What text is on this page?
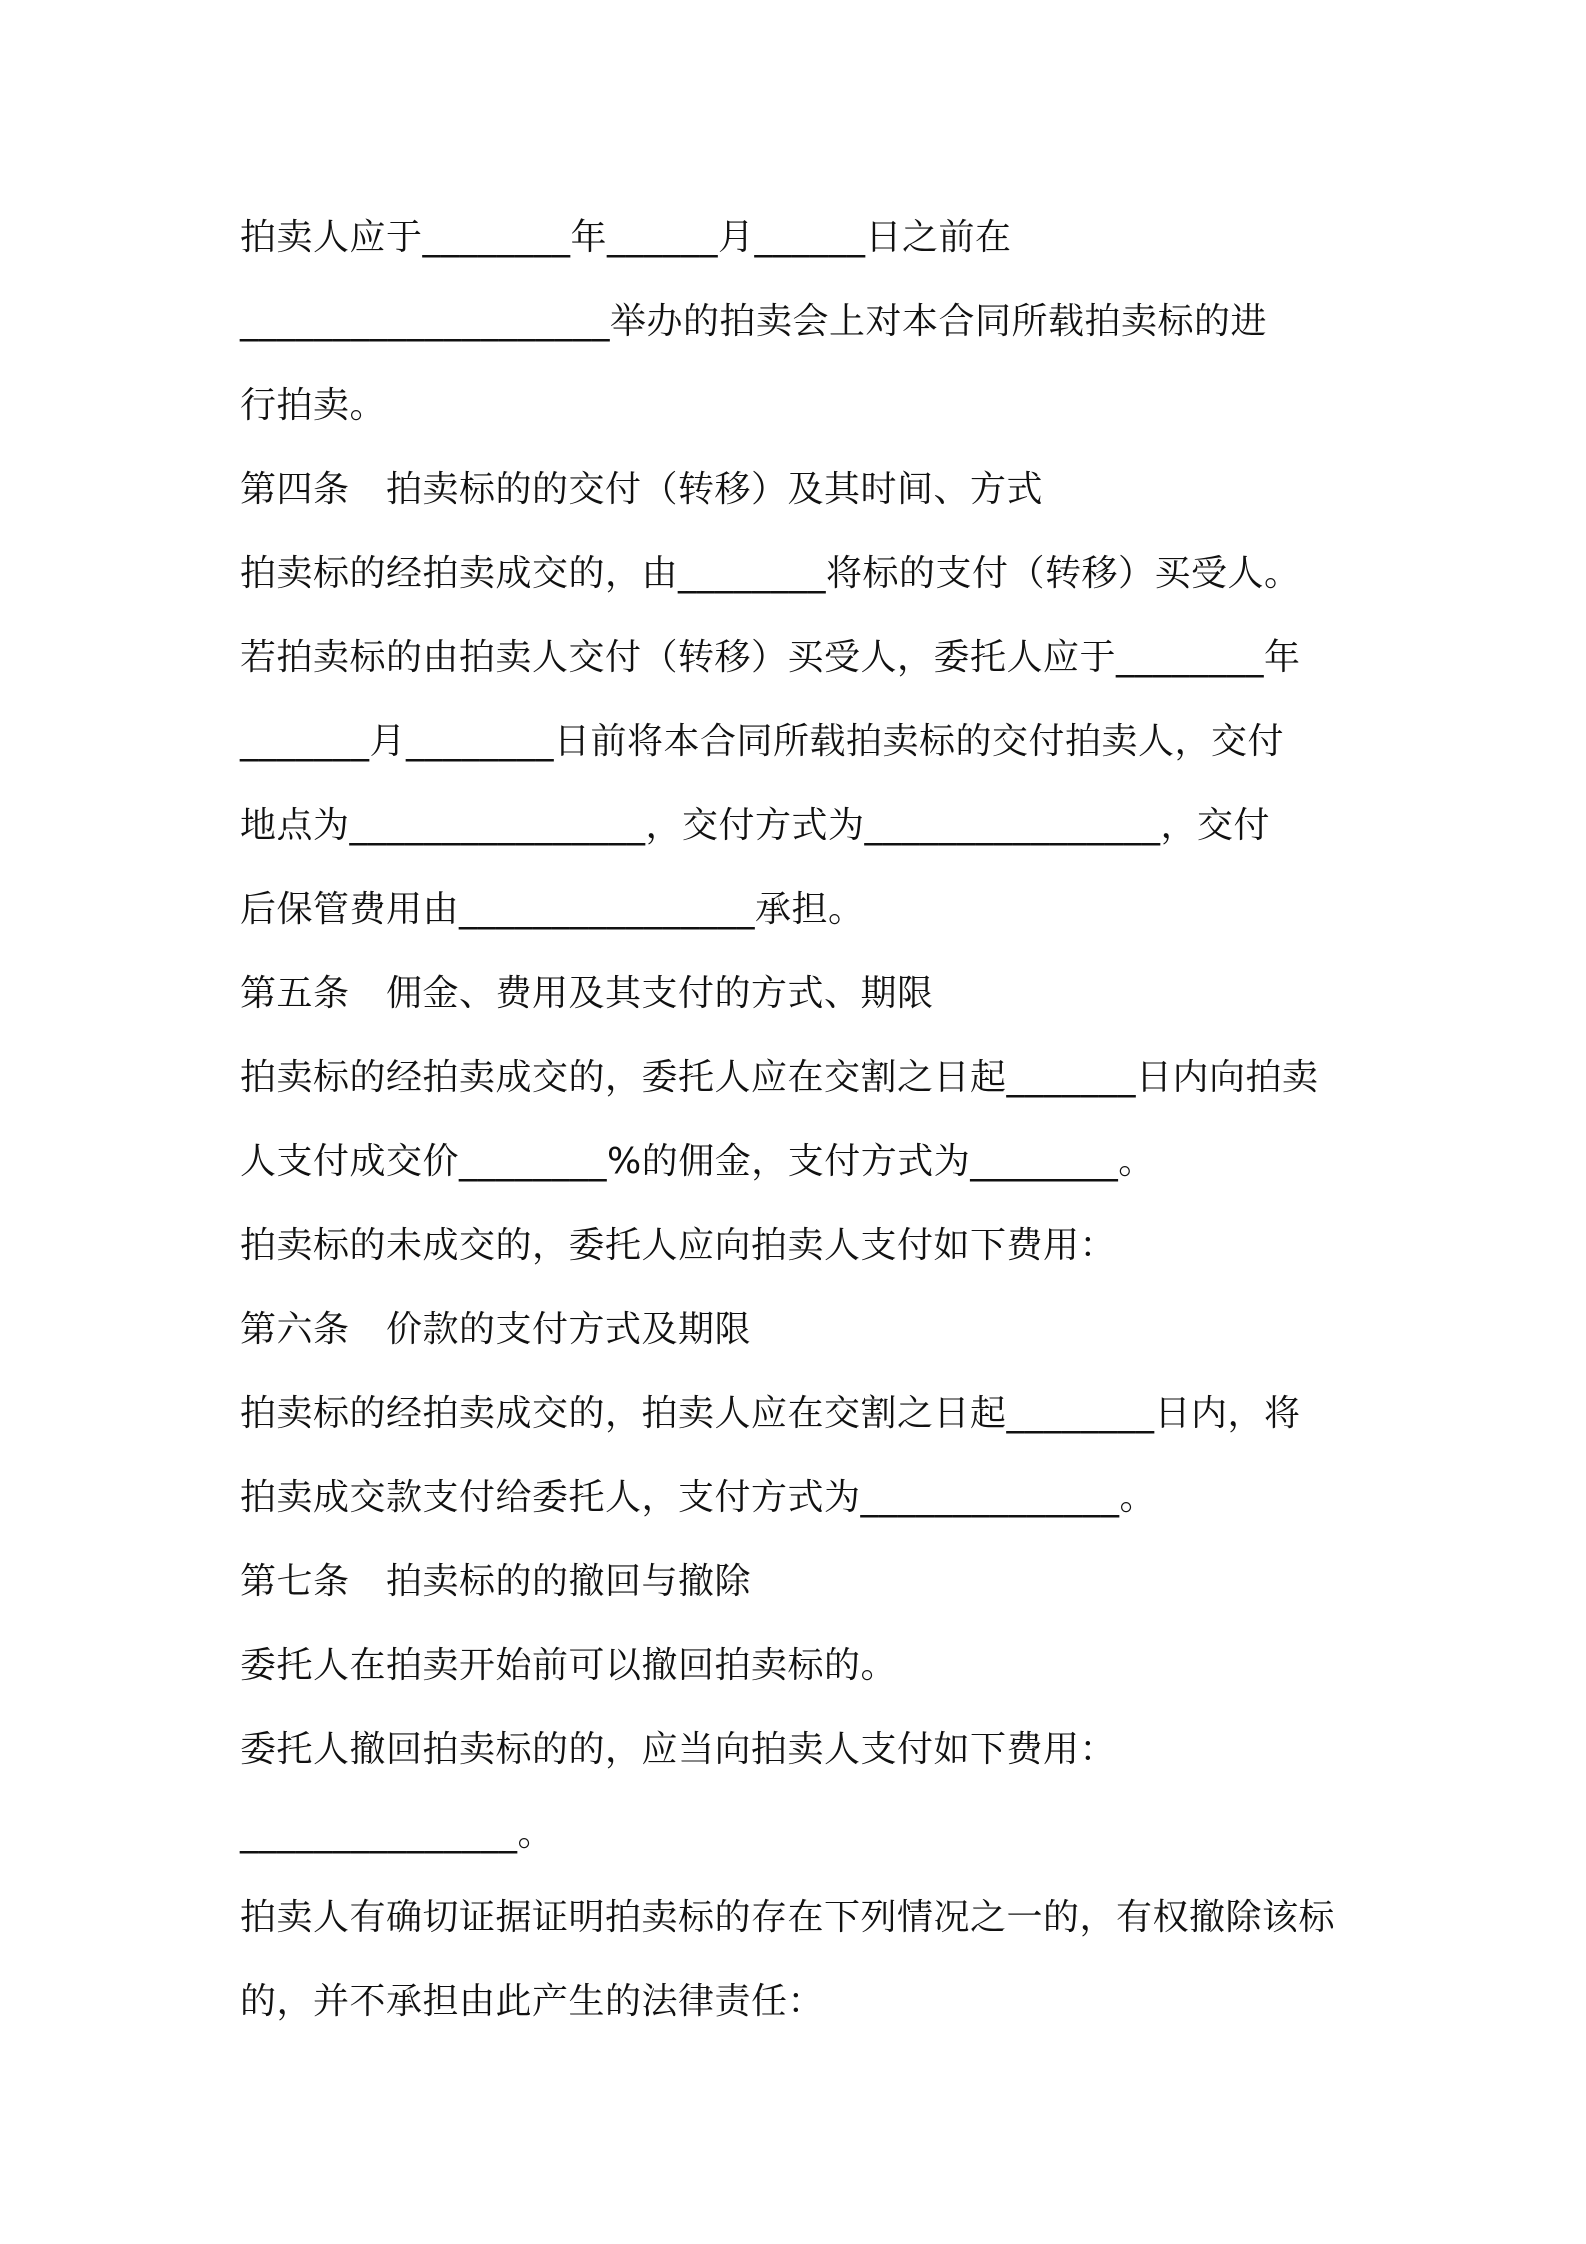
拍卖人应于________年______月______日之前在
____________________举办的拍卖会上对本合同所载拍卖标的进
行拍卖。
第四条　拍卖标的的交付（转移）及其时间、方式
拍卖标的经拍卖成交的，由________将标的支付（转移）买受人。
若拍卖标的由拍卖人交付（转移）买受人，委托人应于________年
_______月________日前将本合同所载拍卖标的交付拍卖人，交付
地点为________________，交付方式为________________，交付
后保管费用由________________承担。
第五条　佣金、费用及其支付的方式、期限
拍卖标的经拍卖成交的，委托人应在交割之日起_______日内向拍卖
人支付成交价________%的佣金，支付方式为________。
拍卖标的未成交的，委托人应向拍卖人支付如下费用：
第六条　价款的支付方式及期限
拍卖标的经拍卖成交的，拍卖人应在交割之日起________日内，将
拍卖成交款支付给委托人，支付方式为______________。
第七条　拍卖标的的撤回与撤除
委托人在拍卖开始前可以撤回拍卖标的。
委托人撤回拍卖标的的，应当向拍卖人支付如下费用：
_______________。
拍卖人有确切证据证明拍卖标的存在下列情况之一的，有权撤除该标
的，并不承担由此产生的法律责任：
